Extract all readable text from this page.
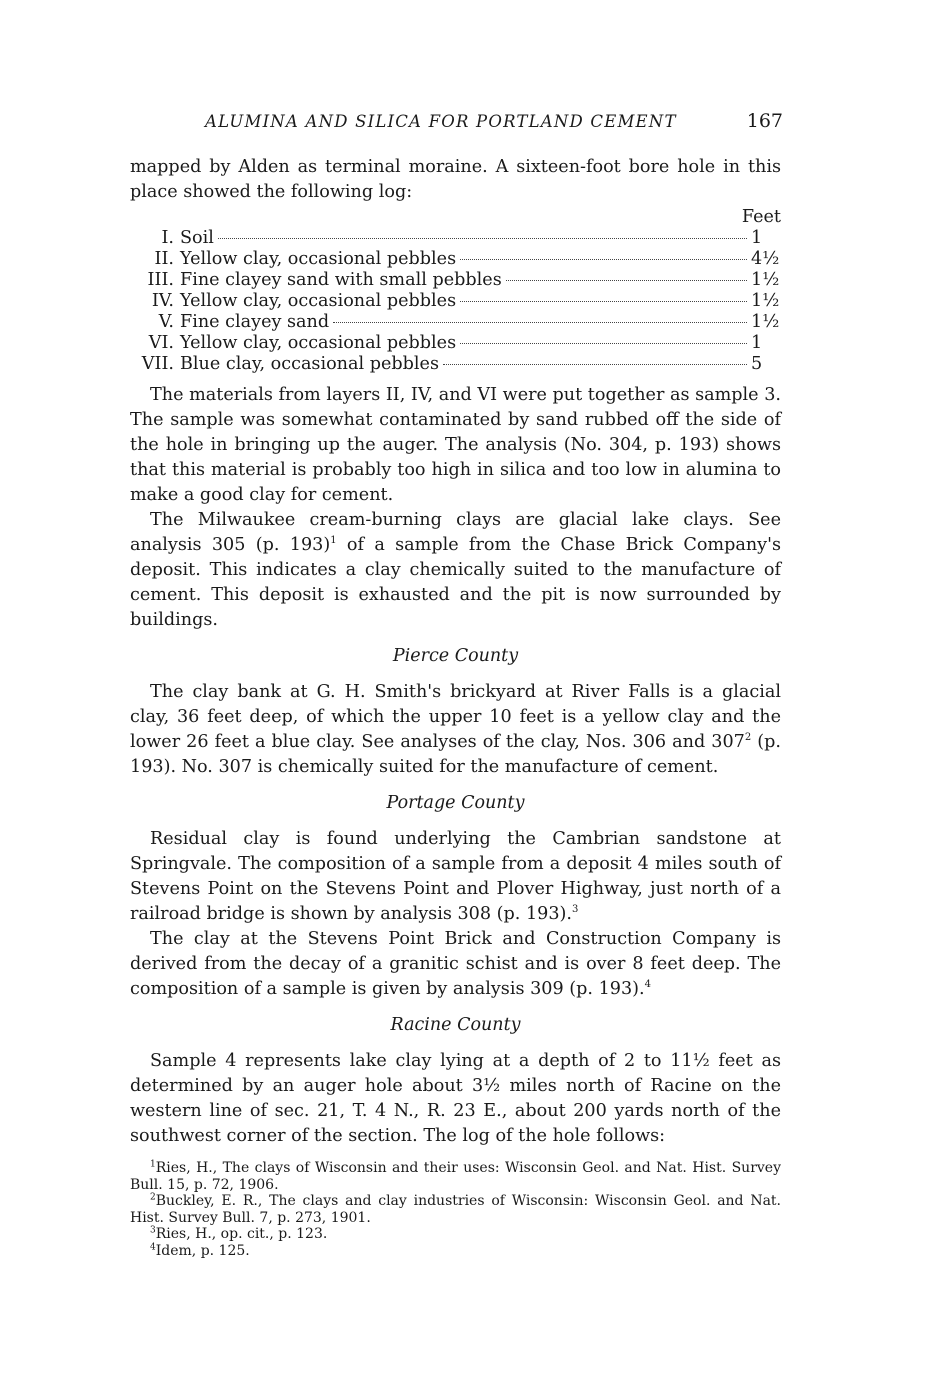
ALUMINA AND SILICA FOR PORTLAND CEMENT	167

mapped by Alden as terminal moraine. A sixteen-foot bore hole in this place showed the following log:

Feet
I. Soil	1
II. Yellow clay, occasional pebbles	4½
III. Fine clayey sand with small pebbles	1½
IV. Yellow clay, occasional pebbles	1½
V. Fine clayey sand	1½
VI. Yellow clay, occasional pebbles	1
VII. Blue clay, occasional pebbles	5

The materials from layers II, IV, and VI were put together as sample 3. The sample was somewhat contaminated by sand rubbed off the side of the hole in bringing up the auger. The analysis (No. 304, p. 193) shows that this material is probably too high in silica and too low in alumina to make a good clay for cement.

The Milwaukee cream-burning clays are glacial lake clays. See analysis 305 (p. 193)$^1$ of a sample from the Chase Brick Company's deposit. This indicates a clay chemically suited to the manufacture of cement. This deposit is exhausted and the pit is now surrounded by buildings.

Pierce County

The clay bank at G. H. Smith's brickyard at River Falls is a glacial clay, 36 feet deep, of which the upper 10 feet is a yellow clay and the lower 26 feet a blue clay. See analyses of the clay, Nos. 306 and $307^2$ (p. 193). No. 307 is chemically suited for the manufacture of cement.

Portage County

Residual clay is found underlying the Cambrian sandstone at Springvale. The composition of a sample from a deposit 4 miles south of Stevens Point on the Stevens Point and Plover Highway, just north of a railroad bridge is shown by analysis 308 (p. 193).$^3$

The clay at the Stevens Point Brick and Construction Company is derived from the decay of a granitic schist and is over 8 feet deep. The composition of a sample is given by analysis 309 (p. 193).$^4$

Racine County

Sample 4 represents lake clay lying at a depth of 2 to 11½ feet as determined by an auger hole about 3½ miles north of Racine on the western line of sec. 21, T. 4 N., R. 23 E., about 200 yards north of the southwest corner of the section. The log of the hole follows:

$^1$Ries, H., The clays of Wisconsin and their uses: Wisconsin Geol. and Nat. Hist. Survey Bull. 15, p. 72, 1906.

$^2$Buckley, E. R., The clays and clay industries of Wisconsin: Wisconsin Geol. and Nat. Hist. Survey Bull. 7, p. 273, 1901.

$^3$Ries, H., op. cit., p. 123.

$^4$Idem, p. 125.
